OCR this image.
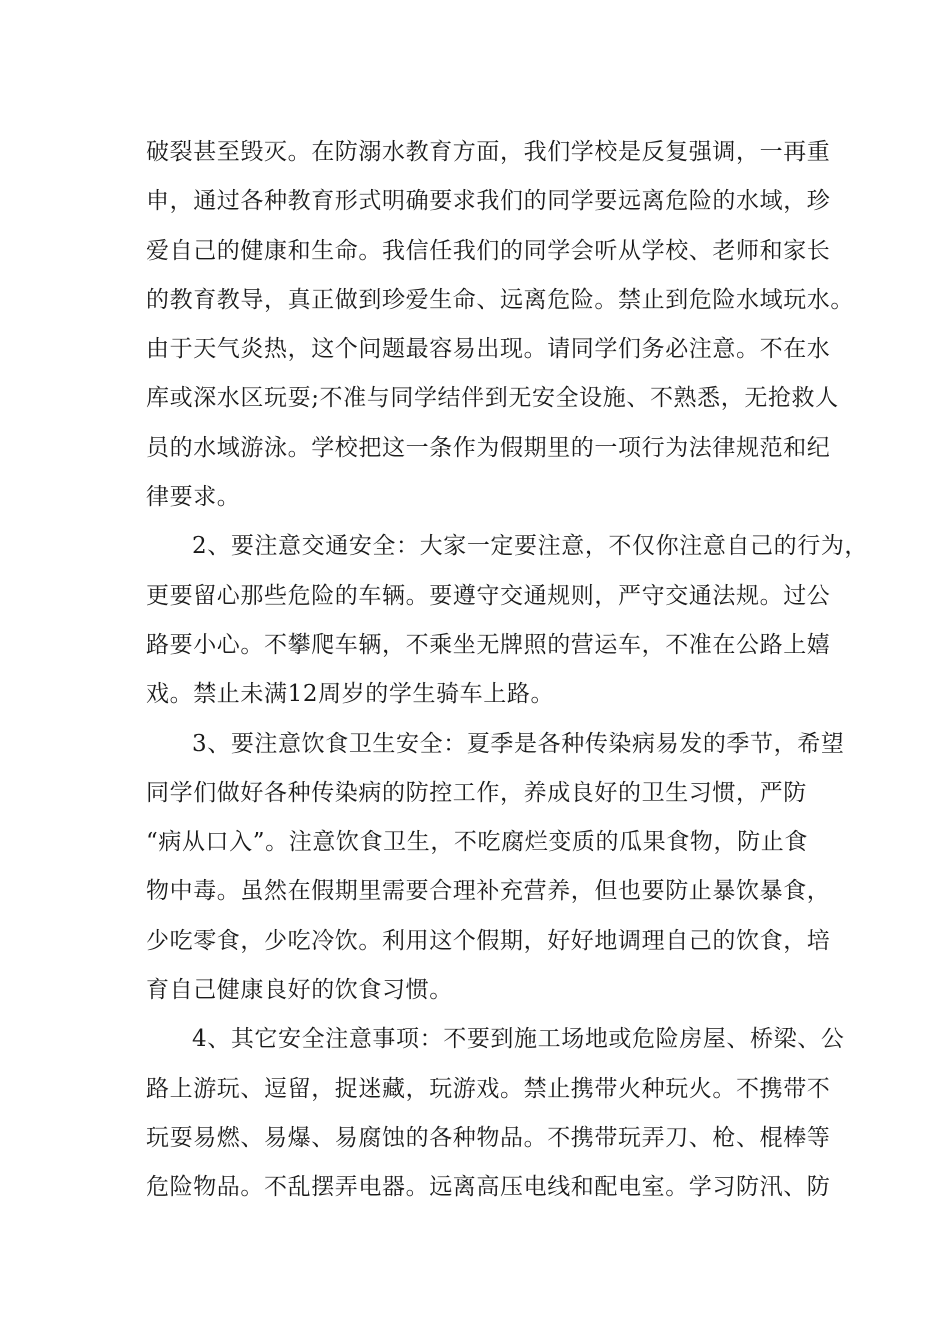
破裂甚至毁灭。在防溺水教育方面，我们学校是反复强调，一再重
申，通过各种教育形式明确要求我们的同学要远离危险的水域，珍
爱自己的健康和生命。我信任我们的同学会听从学校、老师和家长
的教育教导，真正做到珍爱生命、远离危险。禁止到危险水域玩水。
由于天气炎热，这个问题最容易出现。请同学们务必注意。不在水
库或深水区玩耍;不准与同学结伴到无安全设施、不熟悉，无抢救人
员的水域游泳。学校把这一条作为假期里的一项行为法律规范和纪
律要求。
2、要注意交通安全：大家一定要注意，不仅你注意自己的行为，
更要留心那些危险的车辆。要遵守交通规则，严守交通法规。过公
路要小心。不攀爬车辆，不乘坐无牌照的营运车，不准在公路上嬉
戏。禁止未满12周岁的学生骑车上路。
3、要注意饮食卫生安全：夏季是各种传染病易发的季节，希望
同学们做好各种传染病的防控工作，养成良好的卫生习惯，严防
“病从口入”。注意饮食卫生，不吃腐烂变质的瓜果食物，防止食
物中毒。虽然在假期里需要合理补充营养，但也要防止暴饮暴食，
少吃零食，少吃冷饮。利用这个假期，好好地调理自己的饮食，培
育自己健康良好的饮食习惯。
4、其它安全注意事项：不要到施工场地或危险房屋、桥梁、公
路上游玩、逗留，捉迷藏，玩游戏。禁止携带火种玩火。不携带不
玩耍易燃、易爆、易腐蚀的各种物品。不携带玩弄刀、枪、棍棒等
危险物品。不乱摆弄电器。远离高压电线和配电室。学习防汛、防
